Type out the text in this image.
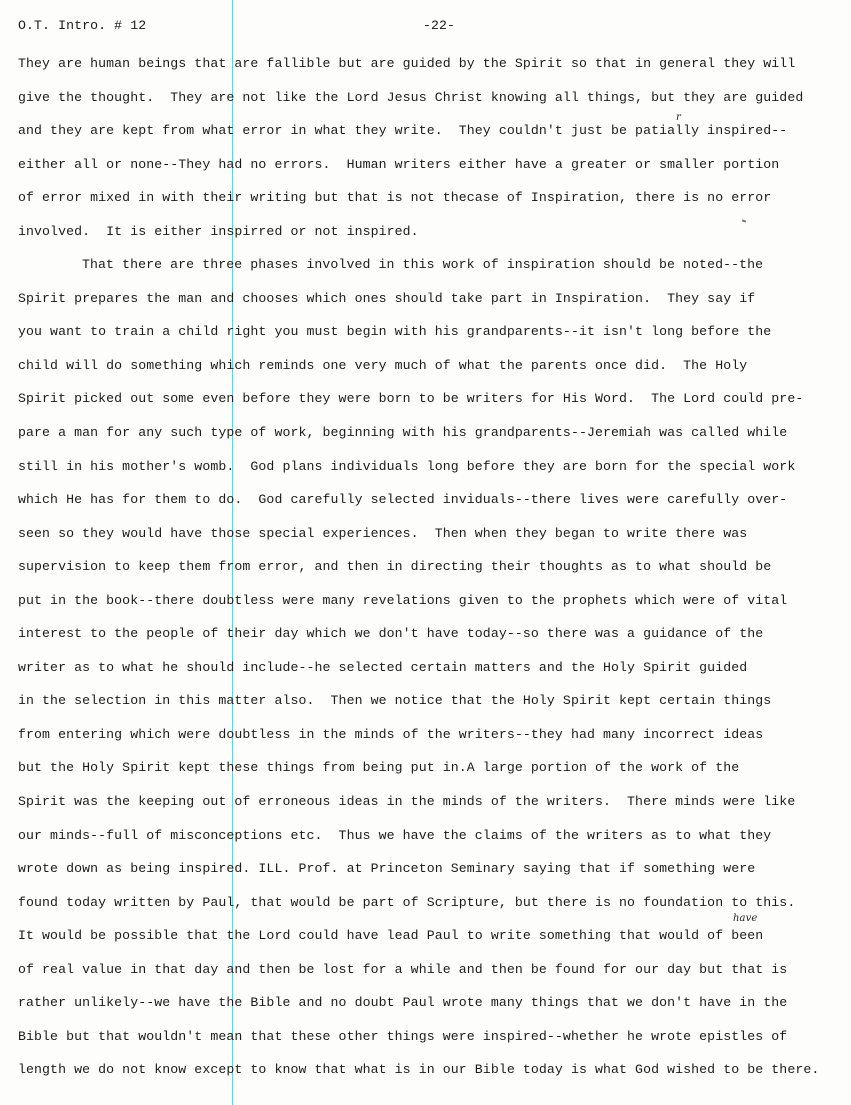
O.T. Intro. # 12	-22-
They are human beings that are fallible but are guided by the Spirit so that in general they will
give the thought.  They are not like the Lord Jesus Christ knowing all things, but they are guided
and they are kept from what error in what they write.  They couldn't just be patially inspired--
either all or none--They had no errors.  Human writers either have a greater or smaller portion
of error mixed in with their writing but that is not thecase of Inspiration, there is no error
involved.  It is either inspirred or not inspired.
That there are three phases involved in this work of inspiration should be noted--the
Spirit prepares the man and chooses which ones should take part in Inspiration.  They say if
you want to train a child right you must begin with his grandparents--it isn't long before the
child will do something which reminds one very much of what the parents once did.  The Holy
Spirit picked out some even before they were born to be writers for His Word.  The Lord could pre-
pare a man for any such type of work, beginning with his grandparents--Jeremiah was called while
still in his mother's womb.  God plans individuals long before they are born for the special work
which He has for them to do.  God carefully selected inviduals--there lives were carefully over-
seen so they would have those special experiences.  Then when they began to write there was
supervision to keep them from error, and then in directing their thoughts as to what should be
put in the book--there doubtless were many revelations given to the prophets which were of vital
interest to the people of their day which we don't have today--so there was a guidance of the
writer as to what he should include--he selected certain matters and the Holy Spirit guided
in the selection in this matter also.  Then we notice that the Holy Spirit kept certain things
from entering which were doubtless in the minds of the writers--they had many incorrect ideas
but the Holy Spirit kept these things from being put in.A large portion of the work of the
Spirit was the keeping out of erroneous ideas in the minds of the writers.  There minds were like
our minds--full of misconceptions etc.  Thus we have the claims of the writers as to what they
wrote down as being inspired. ILL. Prof. at Princeton Seminary saying that if something were
found today written by Paul, that would be part of Scripture, but there is no foundation to this.
It would be possible that the Lord could have lead Paul to write something that would of been
of real value in that day and then be lost for a while and then be found for our day but that is
rather unlikely--we have the Bible and no doubt Paul wrote many things that we don't have in the
Bible but that wouldn't mean that these other things were inspired--whether he wrote epistles of
length we do not know except to know that what is in our Bible today is what God wished to be there.
r
have
